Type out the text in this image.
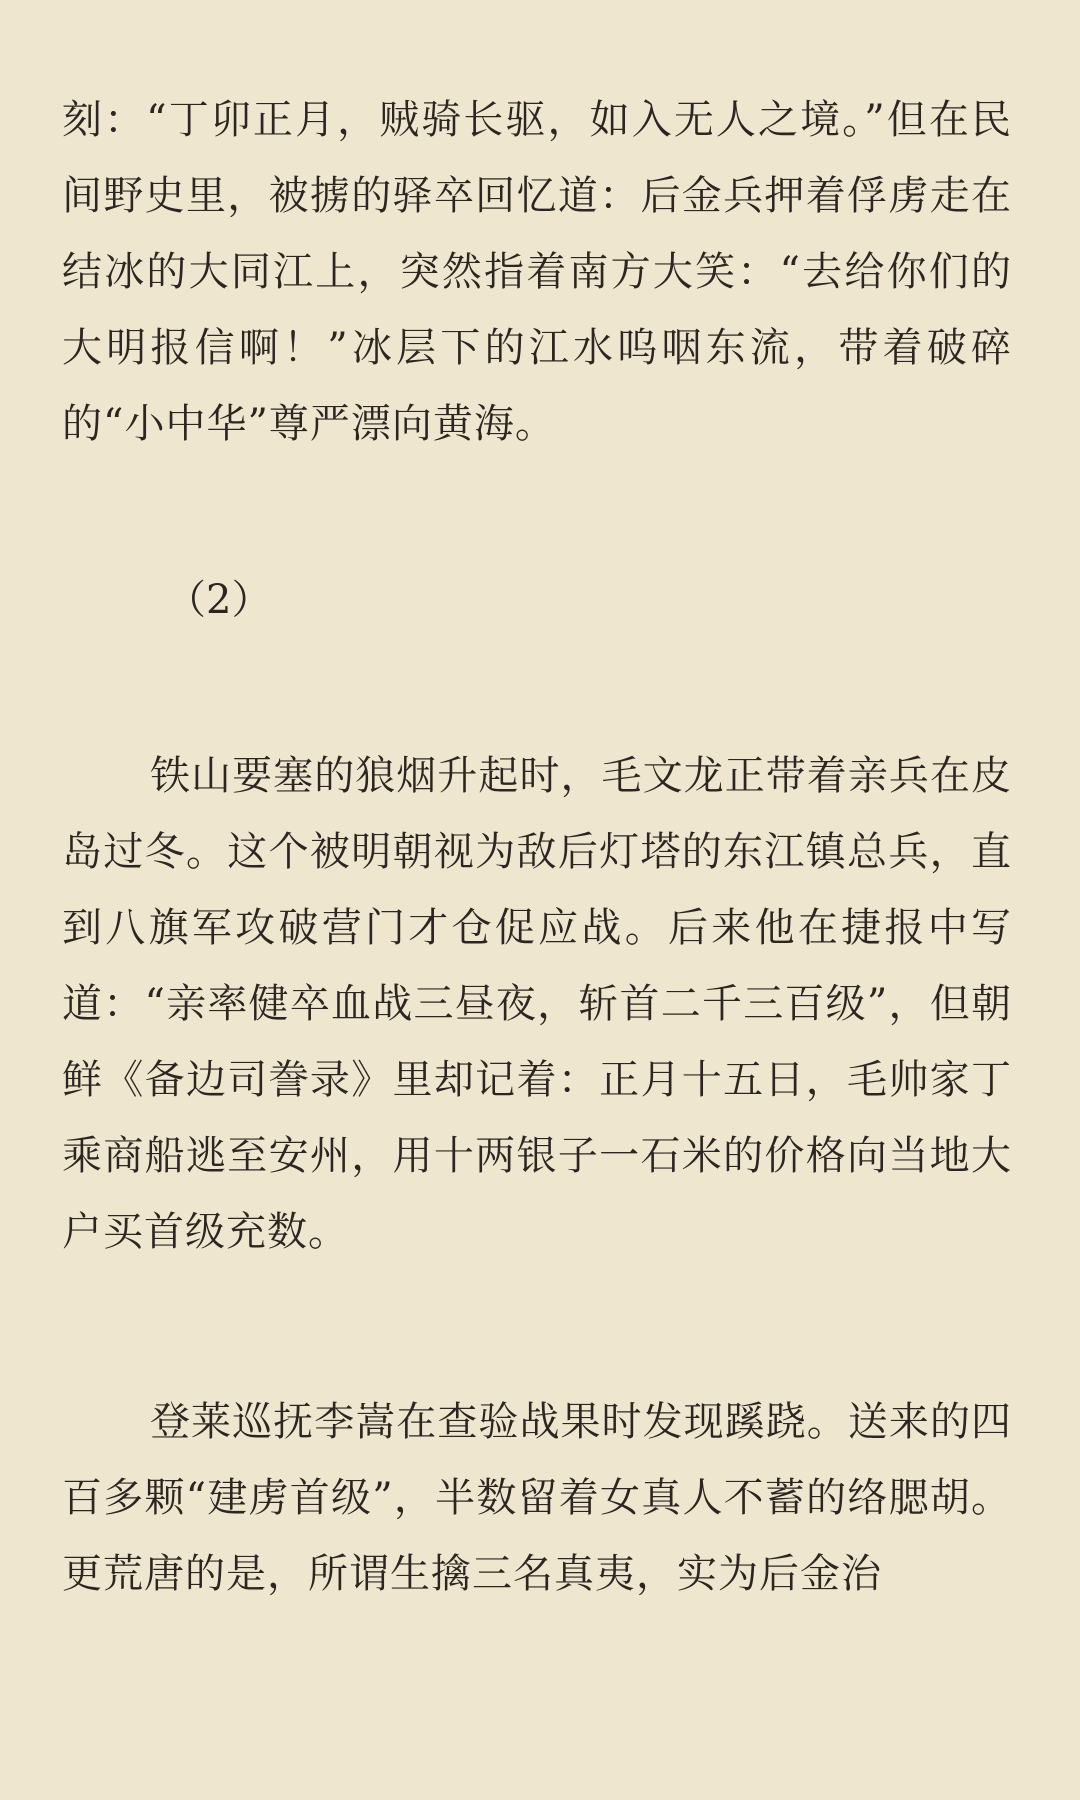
刻：“丁卯正月，贼骑长驱，如入无人之境。”但在民间野史里，被掳的驿卒回忆道：后金兵押着俘虏走在结冰的大同江上，突然指着南方大笑：“去给你们的大明报信啊！”冰层下的江水呜咽东流，带着破碎的“小中华”尊严漂向黄海。

（2）

铁山要塞的狼烟升起时，毛文龙正带着亲兵在皮岛过冬。这个被明朝视为敌后灯塔的东江镇总兵，直到八旗军攻破营门才仓促应战。后来他在捷报中写道：“亲率健卒血战三昼夜，斩首二千三百级”，但朝鲜《备边司誊录》里却记着：正月十五日，毛帅家丁乘商船逃至安州，用十两银子一石米的价格向当地大户买首级充数。

登莱巡抚李嵩在查验战果时发现蹊跷。送来的四百多颗“建虏首级”，半数留着女真人不蓄的络腮胡。更荒唐的是，所谓生擒三名真夷，实为后金治
